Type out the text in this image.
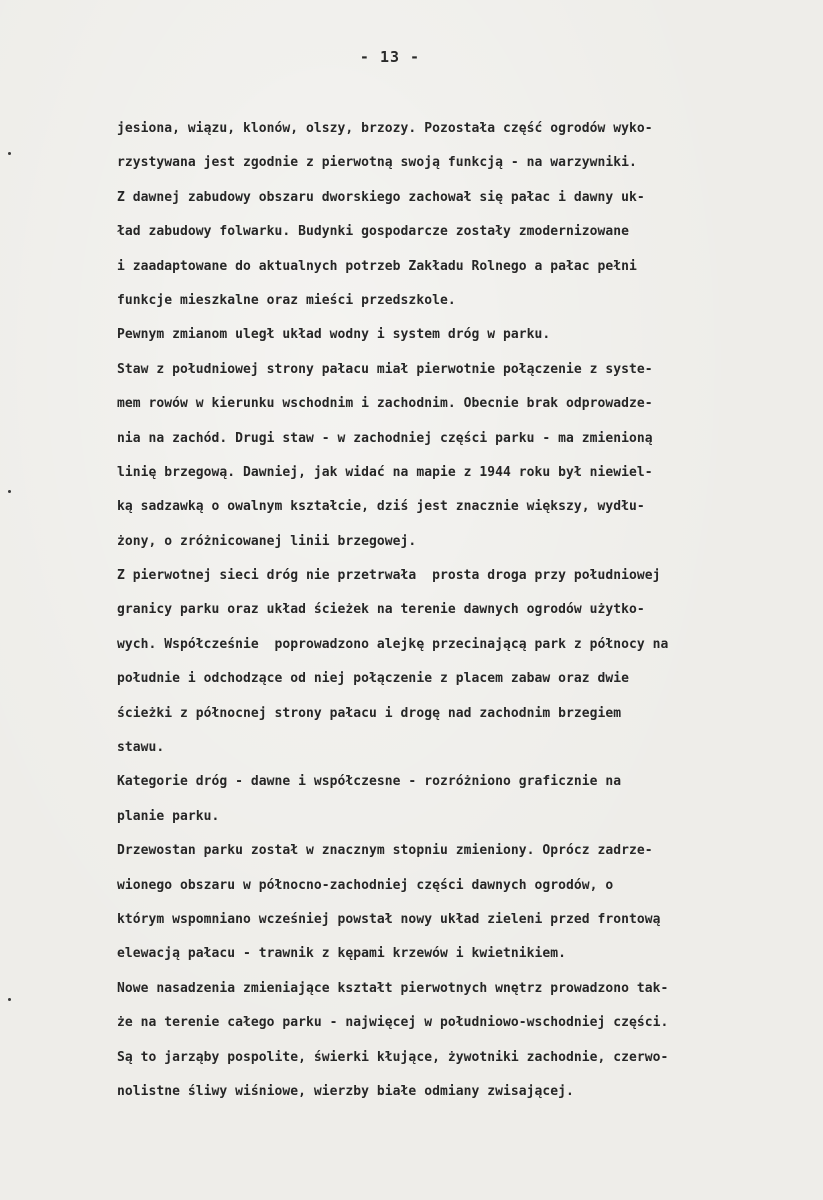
- 13 -
jesiona, wiązu, klonów, olszy, brzozy. Pozostała część ogrodów wyko-
rzystywana jest zgodnie z pierwotną swoją funkcją - na warzywniki.
Z dawnej zabudowy obszaru dworskiego zachował się pałac i dawny uk-
ład zabudowy folwarku. Budynki gospodarcze zostały zmodernizowane
i zaadaptowane do aktualnych potrzeb Zakładu Rolnego a pałac pełni
funkcje mieszkalne oraz mieści przedszkole.
Pewnym zmianom uległ układ wodny i system dróg w parku.
Staw z południowej strony pałacu miał pierwotnie połączenie z syste-
mem rowów w kierunku wschodnim i zachodnim. Obecnie brak odprowadze-
nia na zachód. Drugi staw - w zachodniej części parku - ma zmienioną
linię brzegową. Dawniej, jak widać na mapie z 1944 roku był niewiel-
ką sadzawką o owalnym kształcie, dziś jest znacznie większy, wydłu-
żony, o zróżnicowanej linii brzegowej.
Z pierwotnej sieci dróg nie przetrwała  prosta droga przy południowej
granicy parku oraz układ ścieżek na terenie dawnych ogrodów użytko-
wych. Współcześnie  poprowadzono alejkę przecinającą park z północy na
południe i odchodzące od niej połączenie z placem zabaw oraz dwie
ścieżki z północnej strony pałacu i drogę nad zachodnim brzegiem
stawu.
Kategorie dróg - dawne i współczesne - rozróżniono graficznie na
planie parku.
Drzewostan parku został w znacznym stopniu zmieniony. Oprócz zadrze-
wionego obszaru w północno-zachodniej części dawnych ogrodów, o
którym wspomniano wcześniej powstał nowy układ zieleni przed frontową
elewacją pałacu - trawnik z kępami krzewów i kwietnikiem.
Nowe nasadzenia zmieniające kształt pierwotnych wnętrz prowadzono tak-
że na terenie całego parku - najwięcej w południowo-wschodniej części.
Są to jarząby pospolite, świerki kłujące, żywotniki zachodnie, czerwo-
nolistne śliwy wiśniowe, wierzby białe odmiany zwisającej.
